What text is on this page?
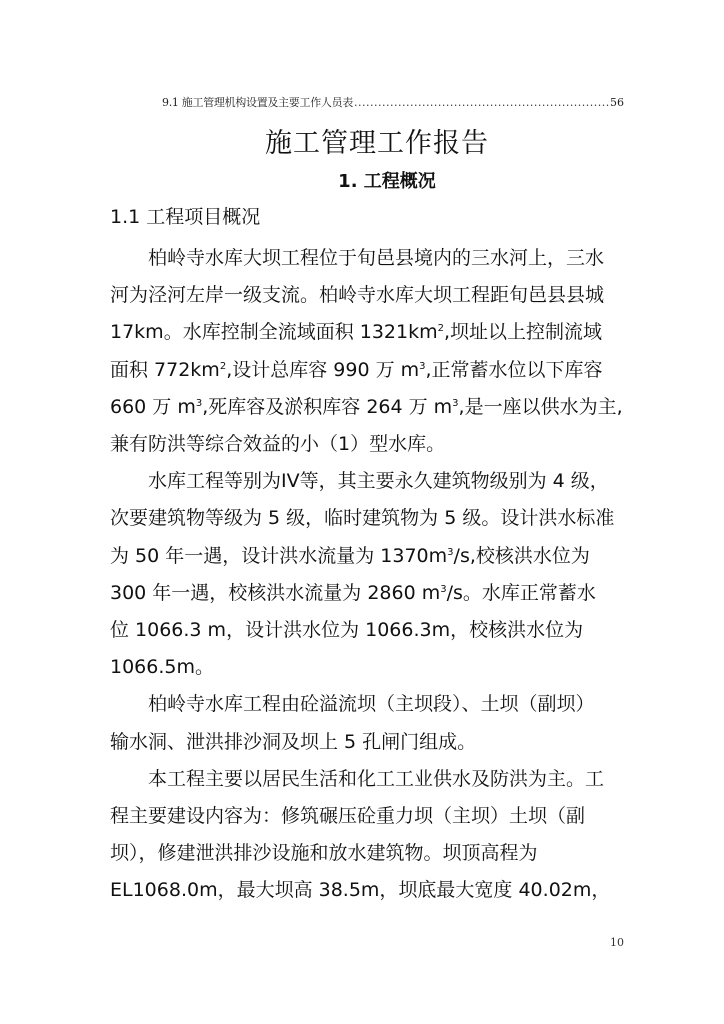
9.1 施工管理机构设置及主要工作人员表 .....	56
施工管理工作报告
1. 工程概况
1.1 工程项目概况
柏岭寺水库大坝工程位于旬邑县境内的三水河上，三水
河为泾河左岸一级支流。柏岭寺水库大坝工程距旬邑县县城
17km。水库控制全流域面积 $1321km^2$,坝址以上控制流域
面积 $772km^2$,设计总库容 990 万 $m^3$,正常蓄水位以下库容
660 万 $m^3$,死库容及淤积库容 264 万 $m^3$,是一座以供水为主,
兼有防洪等综合效益的小（1）型水库。
水库工程等别为IV等，其主要永久建筑物级别为 4 级，
次要建筑物等级为 5 级，临时建筑物为 5 级。设计洪水标准
为 50 年一遇，设计洪水流量为 $1370m^3/s$,校核洪水位为
300 年一遇，校核洪水流量为 2860 $m^3/s$。水库正常蓄水
位 1066.3 m，设计洪水位为 1066.3m，校核洪水位为
1066.5m。
柏岭寺水库工程由砼溢流坝（主坝段）、土坝（副坝）
输水洞、泄洪排沙洞及坝上 5 孔闸门组成。
本工程主要以居民生活和化工工业供水及防洪为主。工
程主要建设内容为：修筑碾压砼重力坝（主坝）土坝（副
坝），修建泄洪排沙设施和放水建筑物。坝顶高程为
EL1068.0m，最大坝高 38.5m，坝底最大宽度 40.02m，
10
